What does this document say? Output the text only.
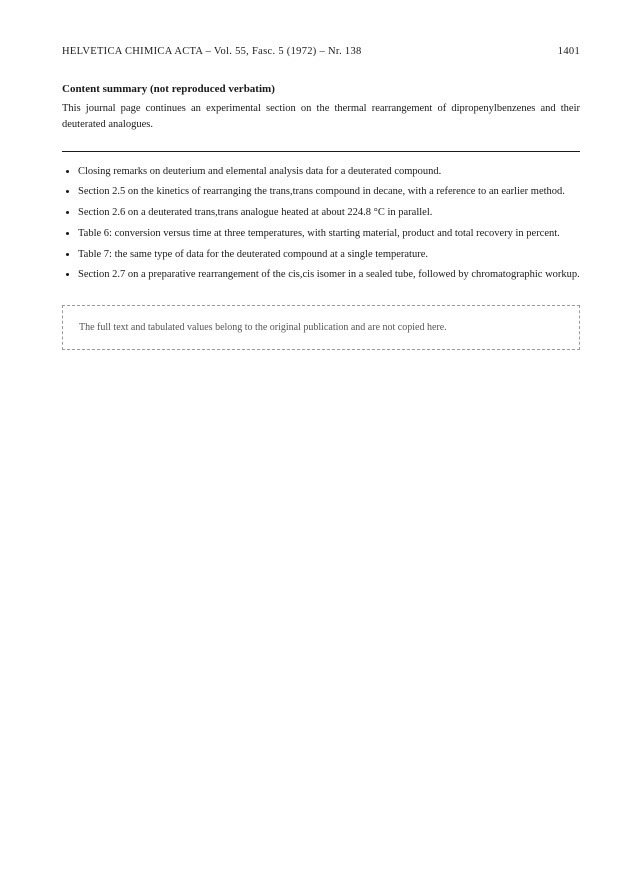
HELVETICA CHIMICA ACTA – Vol. 55, Fasc. 5 (1972) – Nr. 138	1401
Content summary (not reproduced verbatim)

This journal page continues an experimental section on the thermal rearrangement of dipropenylbenzenes and their deuterated analogues.

• Closing remarks on deuterium and elemental analysis data for a deuterated compound.
• Section 2.5 on the kinetics of rearranging the trans,trans compound in decane, with a reference to an earlier method.
• Section 2.6 on a deuterated trans,trans analogue heated at about 224.8 °C in parallel.
• Table 6: conversion versus time at three temperatures, with starting material, product and total recovery in percent.
• Table 7: the same type of data for the deuterated compound at a single temperature.
• Section 2.7 on a preparative rearrangement of the cis,cis isomer in a sealed tube, followed by chromatographic workup.
The full text and tabulated values belong to the original publication and are not copied here.
